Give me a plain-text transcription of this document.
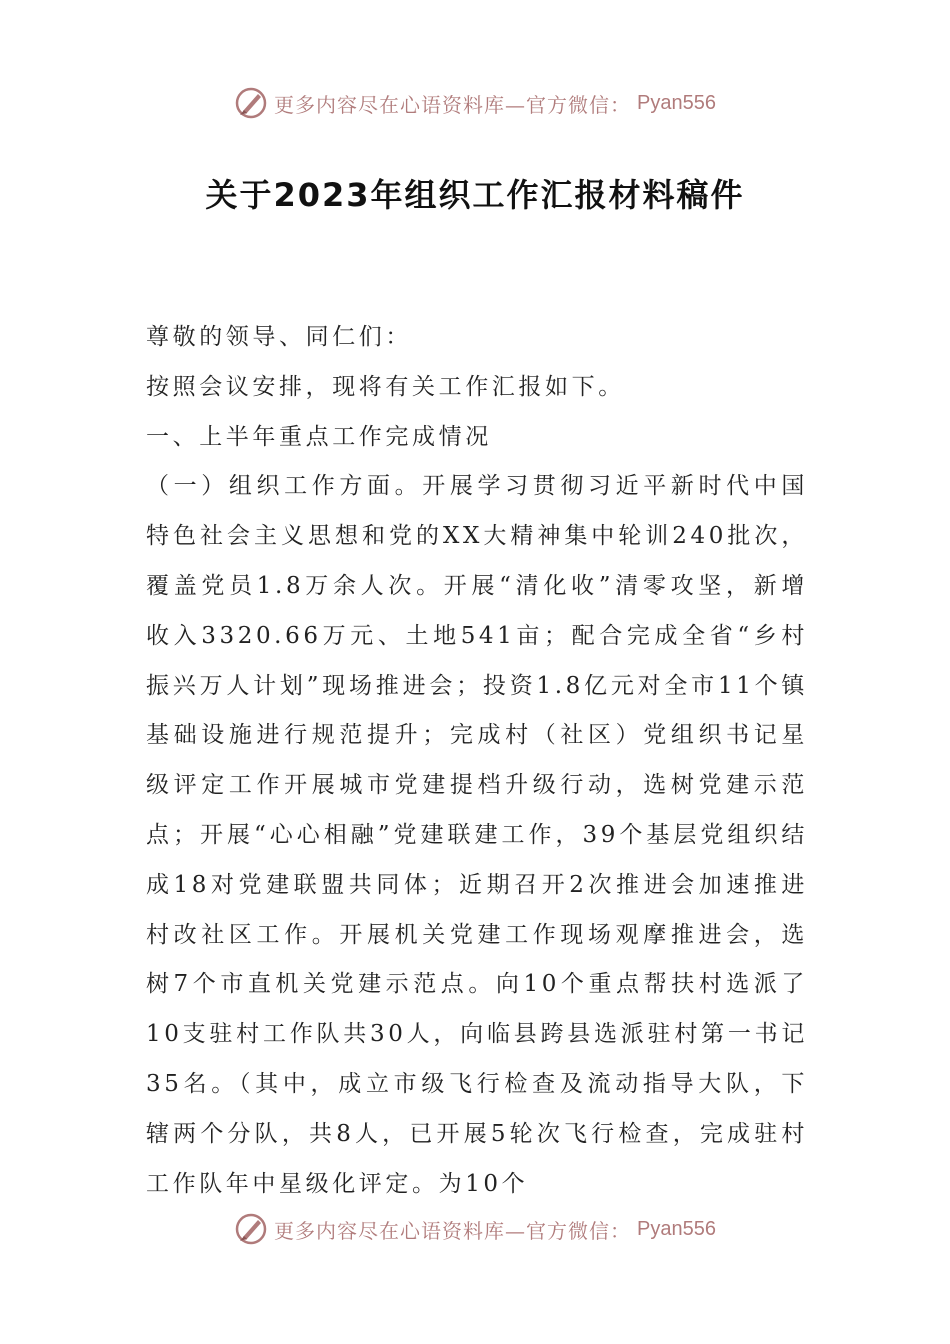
更多内容尽在心语资料库—官方微信： Pyan556
关于2023年组织工作汇报材料稿件

尊敬的领导、同仁们：

按照会议安排，现将有关工作汇报如下。

一、上半年重点工作完成情况

（一）组织工作方面。开展学习贯彻习近平新时代中国特色社会主义思想和党的XX大精神集中轮训240批次，覆盖党员1.8万余人次。开展“清化收”清零攻坚，新增收入3320.66万元、土地541亩；配合完成全省“乡村振兴万人计划”现场推进会；投资1.8亿元对全市11个镇基础设施进行规范提升；完成村（社区）党组织书记星级评定工作开展城市党建提档升级行动，选树党建示范点；开展“心心相融”党建联建工作，39个基层党组织结成18对党建联盟共同体；近期召开2次推进会加速推进村改社区工作。开展机关党建工作现场观摩推进会，选树7个市直机关党建示范点。向10个重点帮扶村选派了10支驻村工作队共30人，向临县跨县选派驻村第一书记35名。（其中，成立市级飞行检查及流动指导大队，下辖两个分队，共8人，已开展5轮次飞行检查，完成驻村工作队年中星级化评定。为10个

更多内容尽在心语资料库—官方微信： Pyan556
